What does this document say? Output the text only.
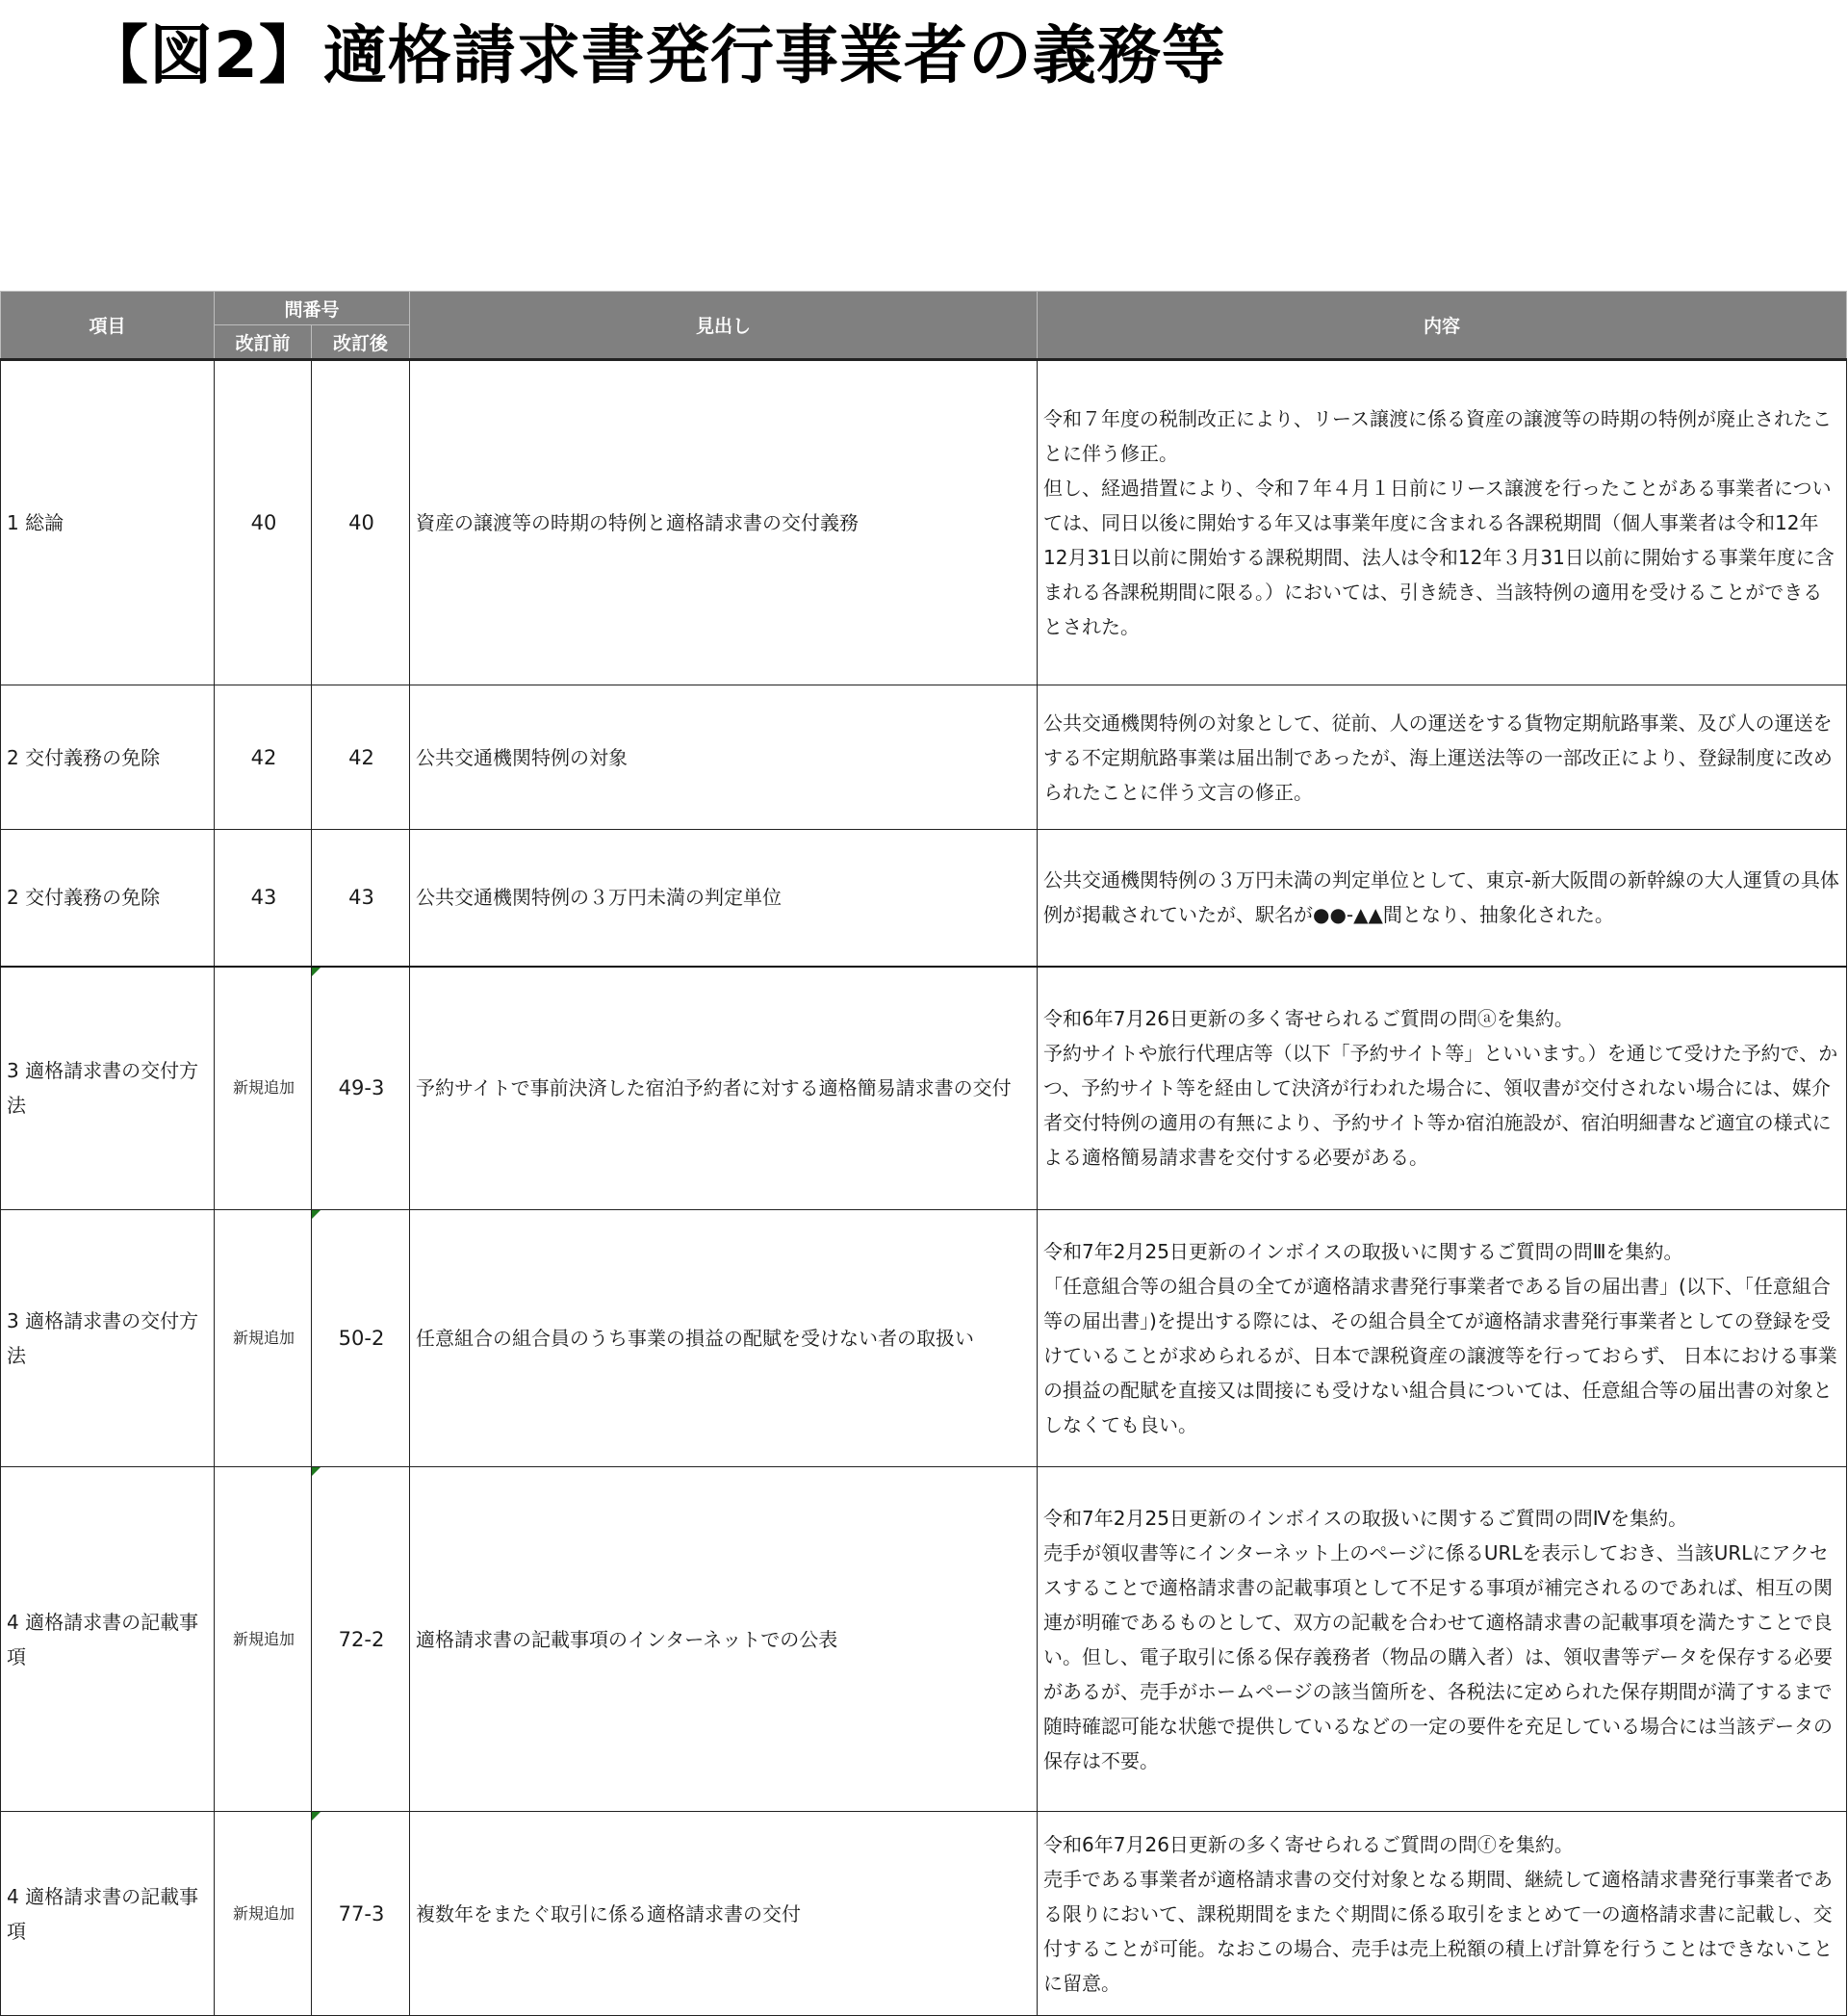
【図2】適格請求書発行事業者の義務等
項目	問番号		見出し	内容
	改訂前	改訂後		
1 総論	40	40	資産の譲渡等の時期の特例と適格請求書の交付義務	令和７年度の税制改正により、リース譲渡に係る資産の譲渡等の時期の特例が廃止されたことに伴う修正。
但し、経過措置により、令和７年４月１日前にリース譲渡を行ったことがある事業者については、同日以後に開始する年又は事業年度に含まれる各課税期間（個人事業者は令和12年12月31日以前に開始する課税期間、法人は令和12年３月31日以前に開始する事業年度に含まれる各課税期間に限る。）においては、引き続き、当該特例の適用を受けることができるとされた。

2 交付義務の免除	42	42	公共交通機関特例の対象	公共交通機関特例の対象として、従前、人の運送をする貨物定期航路事業、及び人の運送をする不定期航路事業は届出制であったが、海上運送法等の一部改正により、登録制度に改められたことに伴う文言の修正。

2 交付義務の免除	43	43	公共交通機関特例の３万円未満の判定単位	公共交通機関特例の３万円未満の判定単位として、東京-新大阪間の新幹線の大人運賃の具体例が掲載されていたが、駅名が●●-▲▲間となり、抽象化された。

3 適格請求書の交付方法	新規追加	49-3	予約サイトで事前決済した宿泊予約者に対する適格簡易請求書の交付	令和6年7月26日更新の多く寄せられるご質問の問ⓐを集約。
予約サイトや旅行代理店等（以下「予約サイト等」といいます。）を通じて受けた予約で、かつ、予約サイト等を経由して決済が行われた場合に、領収書が交付されない場合には、媒介者交付特例の適用の有無により、予約サイト等か宿泊施設が、宿泊明細書など適宜の様式による適格簡易請求書を交付する必要がある。

3 適格請求書の交付方法	新規追加	50-2	任意組合の組合員のうち事業の損益の配賦を受けない者の取扱い	令和7年2月25日更新のインボイスの取扱いに関するご質問の問Ⅲを集約。
「任意組合等の組合員の全てが適格請求書発行事業者である旨の届出書」(以下、「任意組合等の届出書」)を提出する際には、その組合員全てが適格請求書発行事業者としての登録を受けていることが求められるが、日本で課税資産の譲渡等を行っておらず、 日本における事業の損益の配賦を直接又は間接にも受けない組合員については、任意組合等の届出書の対象としなくても良い。

4 適格請求書の記載事項	新規追加	72-2	適格請求書の記載事項のインターネットでの公表	令和7年2月25日更新のインボイスの取扱いに関するご質問の問Ⅳを集約。
売手が領収書等にインターネット上のページに係るURLを表示しておき、当該URLにアクセスすることで適格請求書の記載事項として不足する事項が補完されるのであれば、相互の関連が明確であるものとして、双方の記載を合わせて適格請求書の記載事項を満たすことで良い。但し、電子取引に係る保存義務者（物品の購入者）は、領収書等データを保存する必要があるが、売手がホームページの該当箇所を、各税法に定められた保存期間が満了するまで随時確認可能な状態で提供しているなどの一定の要件を充足している場合には当該データの保存は不要。

4 適格請求書の記載事項	新規追加	77-3	複数年をまたぐ取引に係る適格請求書の交付	令和6年7月26日更新の多く寄せられるご質問の問ⓕを集約。
売手である事業者が適格請求書の交付対象となる期間、継続して適格請求書発行事業者である限りにおいて、課税期間をまたぐ期間に係る取引をまとめて一の適格請求書に記載し、交付することが可能。なおこの場合、売手は売上税額の積上げ計算を行うことはできないことに留意。
